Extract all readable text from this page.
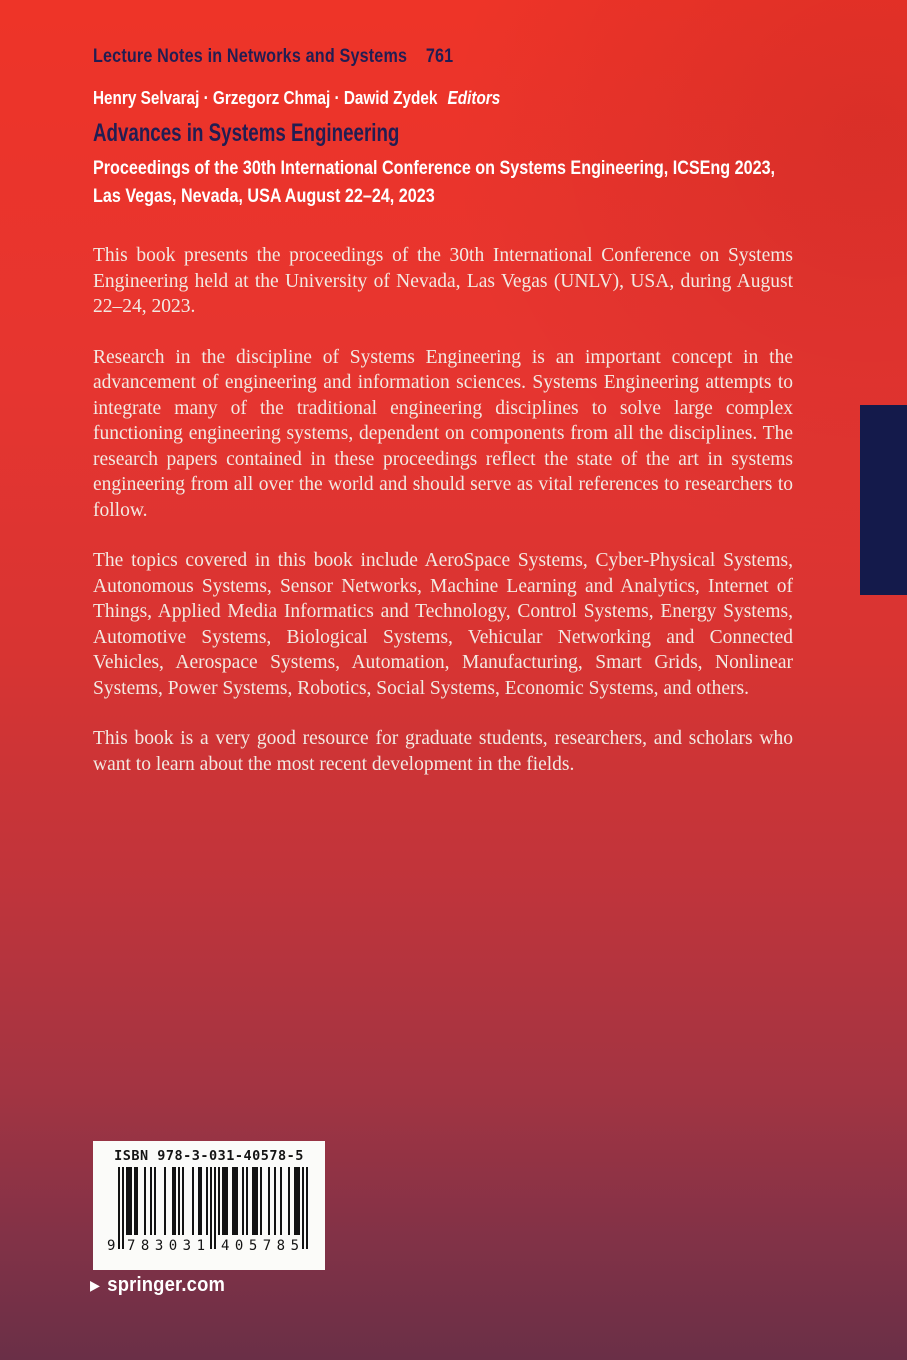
Lecture Notes in Networks and Systems 761
Henry Selvaraj · Grzegorz Chmaj · Dawid Zydek Editors
Advances in Systems Engineering
Proceedings of the 30th International Conference on Systems Engineering, ICSEng 2023, Las Vegas, Nevada, USA August 22–24, 2023

This book presents the proceedings of the 30th International Conference on Systems Engineering held at the University of Nevada, Las Vegas (UNLV), USA, during August 22–24, 2023.

Research in the discipline of Systems Engineering is an important concept in the advancement of engineering and information sciences. Systems Engineering attempts to integrate many of the traditional engineering disciplines to solve large complex functioning engineering systems, dependent on components from all the disciplines. The research papers contained in these proceedings reflect the state of the art in systems engineering from all over the world and should serve as vital references to researchers to follow.

The topics covered in this book include AeroSpace Systems, Cyber-Physical Systems, Autonomous Systems, Sensor Networks, Machine Learning and Analytics, Internet of Things, Applied Media Informatics and Technology, Control Systems, Energy Systems, Automotive Systems, Biological Systems, Vehicular Networking and Connected Vehicles, Aerospace Systems, Automation, Manufacturing, Smart Grids, Nonlinear Systems, Power Systems, Robotics, Social Systems, Economic Systems, and others.

This book is a very good resource for graduate students, researchers, and scholars who want to learn about the most recent development in the fields.

ISBN 978-3-031-40578-5
9 783031 405785
▶ springer.com
